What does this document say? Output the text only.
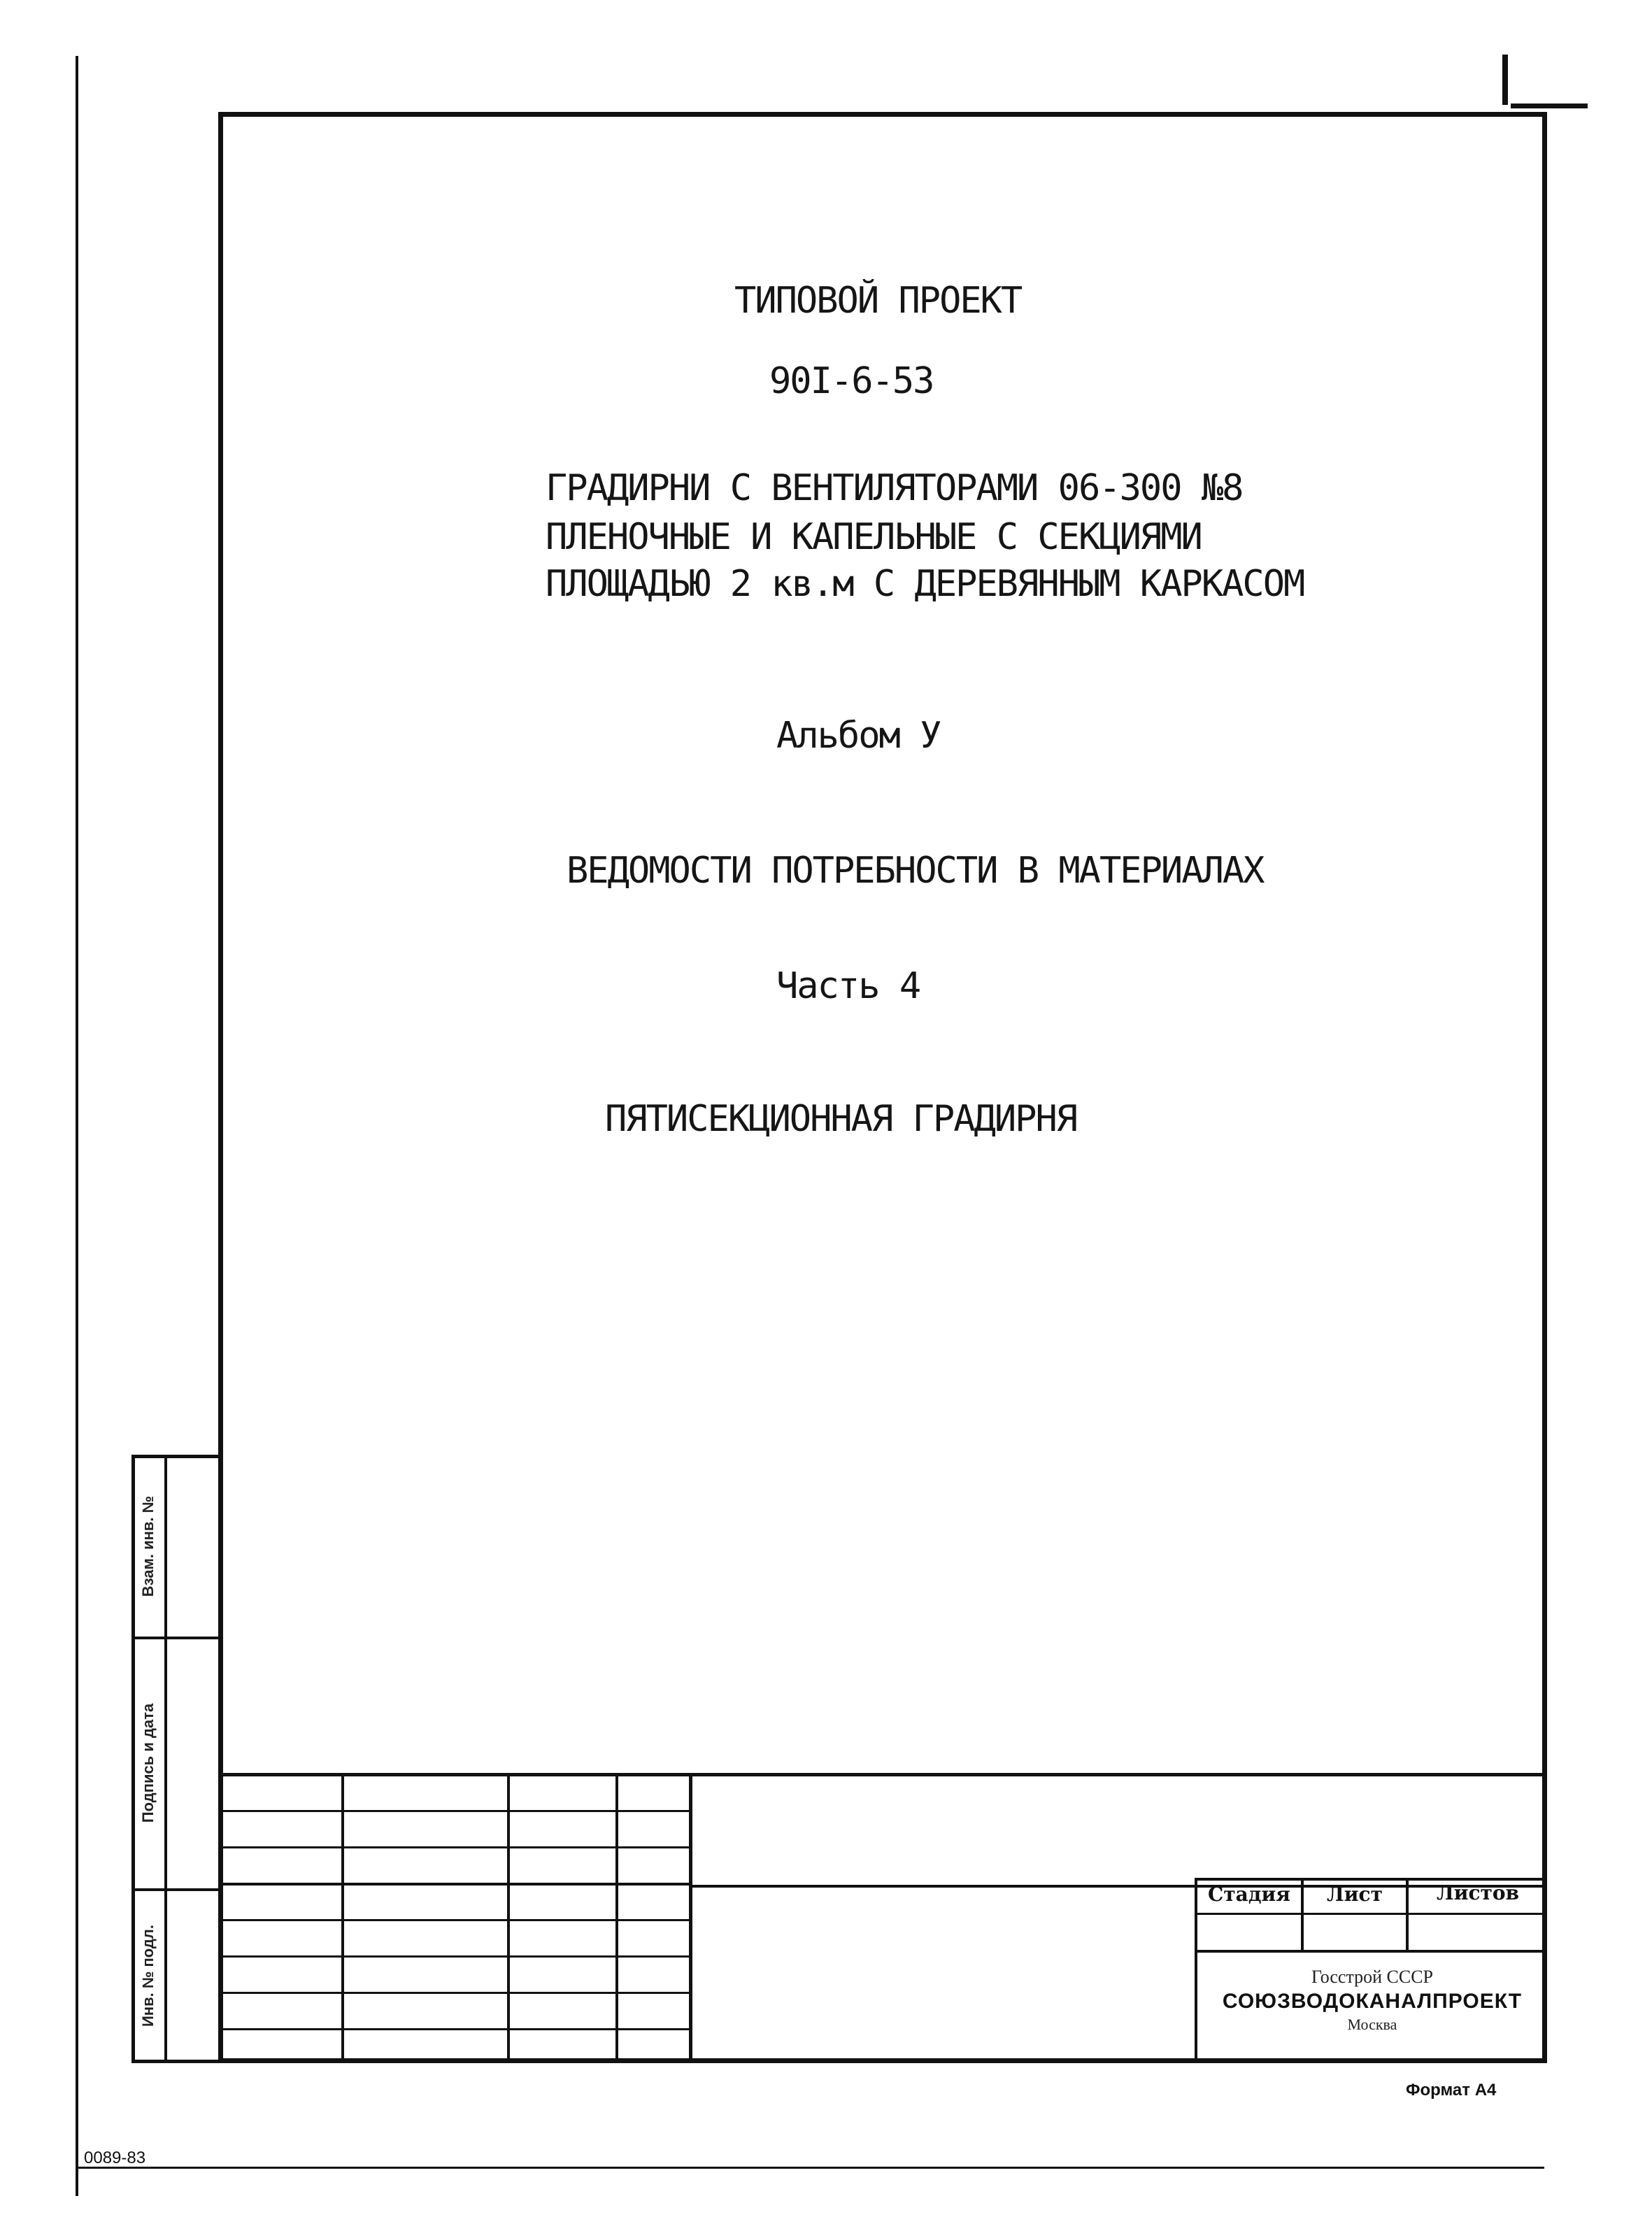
ТИПОВОЙ ПРОЕКТ
90I-6-53
ГРАДИРНИ С ВЕНТИЛЯТОРАМИ 06-300 №8
ПЛЕНОЧНЫЕ И КАПЕЛЬНЫЕ С СЕКЦИЯМИ
ПЛОЩАДЬЮ 2 кв.м С ДЕРЕВЯННЫМ КАРКАСОМ
Альбом У
ВЕДОМОСТИ ПОТРЕБНОСТИ В МАТЕРИАЛАХ
Часть 4
ПЯТИСЕКЦИОННАЯ ГРАДИРНЯ
Взам. инв. №
Подпись и дата
Инв. № подл.
Стадия	Лист	Листов
Госстрой СССР
СОЮЗВОДОКАНАЛПРОЕКТ
Москва
Формат А4
0089-83
